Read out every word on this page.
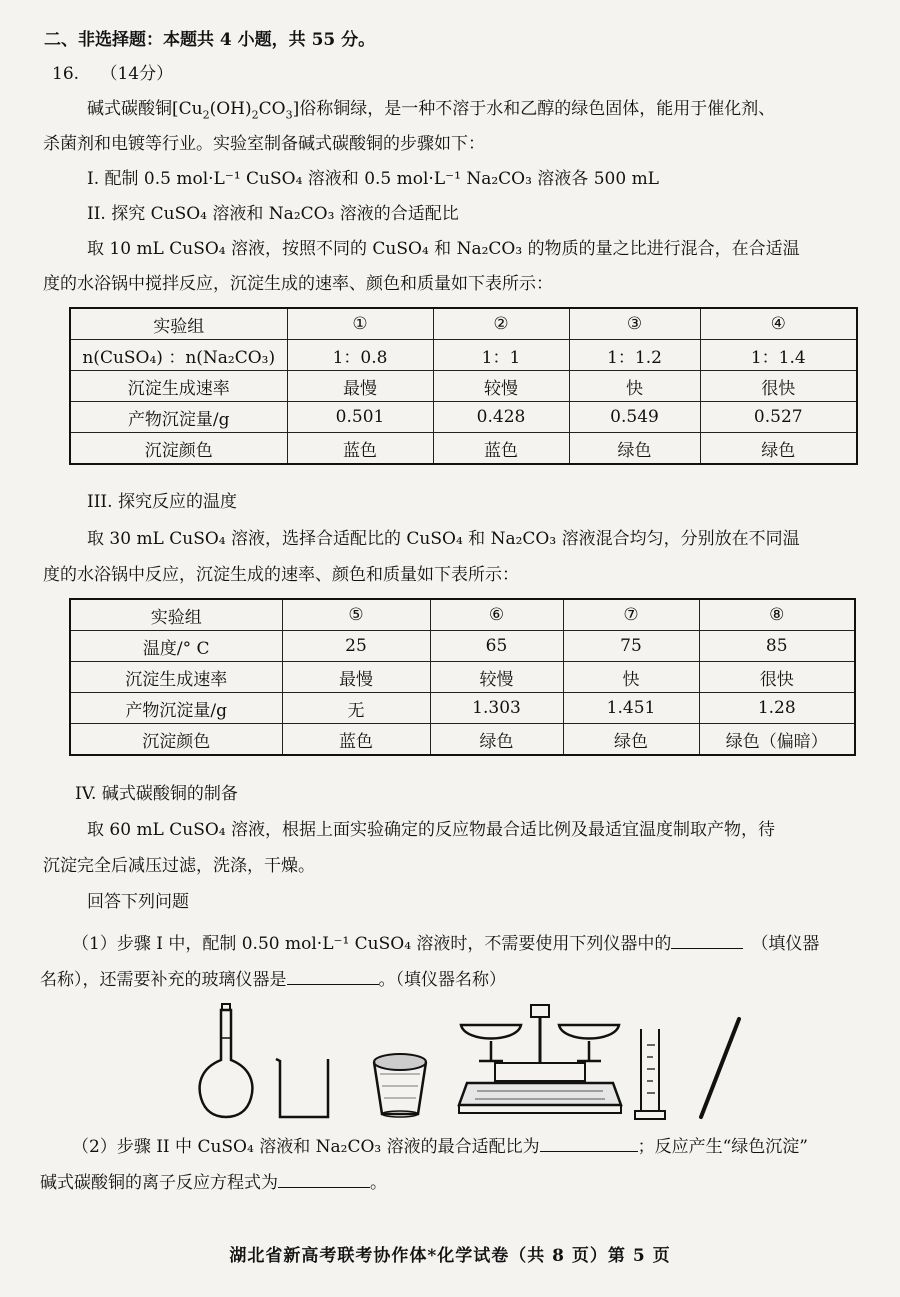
二、非选择题：本题共 4 小题，共 55 分。
16. （14分）
碱式碳酸铜$[Cu_2(OH)_2CO_3]$俗称铜绿，是一种不溶于水和乙醇的绿色固体，能用于催化剂、
杀菌剂和电镀等行业。实验室制备碱式碳酸铜的步骤如下：
I. 配制 0.5 mol·L⁻¹ CuSO₄ 溶液和 0.5 mol·L⁻¹ Na₂CO₃ 溶液各 500 mL
II. 探究 CuSO₄ 溶液和 Na₂CO₃ 溶液的合适配比
取 10 mL CuSO₄ 溶液，按照不同的 CuSO₄ 和 Na₂CO₃ 的物质的量之比进行混合，在合适温
度的水浴锅中搅拌反应，沉淀生成的速率、颜色和质量如下表所示：
实验组	①	②	③	④
n(CuSO₄) ：n(Na₂CO₃)	1：0.8	1：1	1：1.2	1：1.4
沉淀生成速率	最慢	较慢	快	很快
产物沉淀量/g	0.501	0.428	0.549	0.527
沉淀颜色	蓝色	蓝色	绿色	绿色
III. 探究反应的温度
取 30 mL CuSO₄ 溶液，选择合适配比的 CuSO₄ 和 Na₂CO₃ 溶液混合均匀，分别放在不同温
度的水浴锅中反应，沉淀生成的速率、颜色和质量如下表所示：
实验组	⑤	⑥	⑦	⑧
温度/° C	25	65	75	85
沉淀生成速率	最慢	较慢	快	很快
产物沉淀量/g	无	1.303	1.451	1.28
沉淀颜色	蓝色	绿色	绿色	绿色（偏暗）
IV. 碱式碳酸铜的制备
取 60 mL CuSO₄ 溶液，根据上面实验确定的反应物最合适比例及最适宜温度制取产物，待
沉淀完全后减压过滤，洗涤，干燥。
回答下列问题
（1）步骤 I 中，配制 0.50 mol·L⁻¹ CuSO₄ 溶液时，不需要使用下列仪器中的	（填仪器
名称），还需要补充的玻璃仪器是	。（填仪器名称）
（2）步骤 II 中 CuSO₄ 溶液和 Na₂CO₃ 溶液的最合适配比为	；反应产生“绿色沉淀”
碱式碳酸铜的离子反应方程式为	。
湖北省新高考联考协作体*化学试卷（共 8 页）第 5 页
